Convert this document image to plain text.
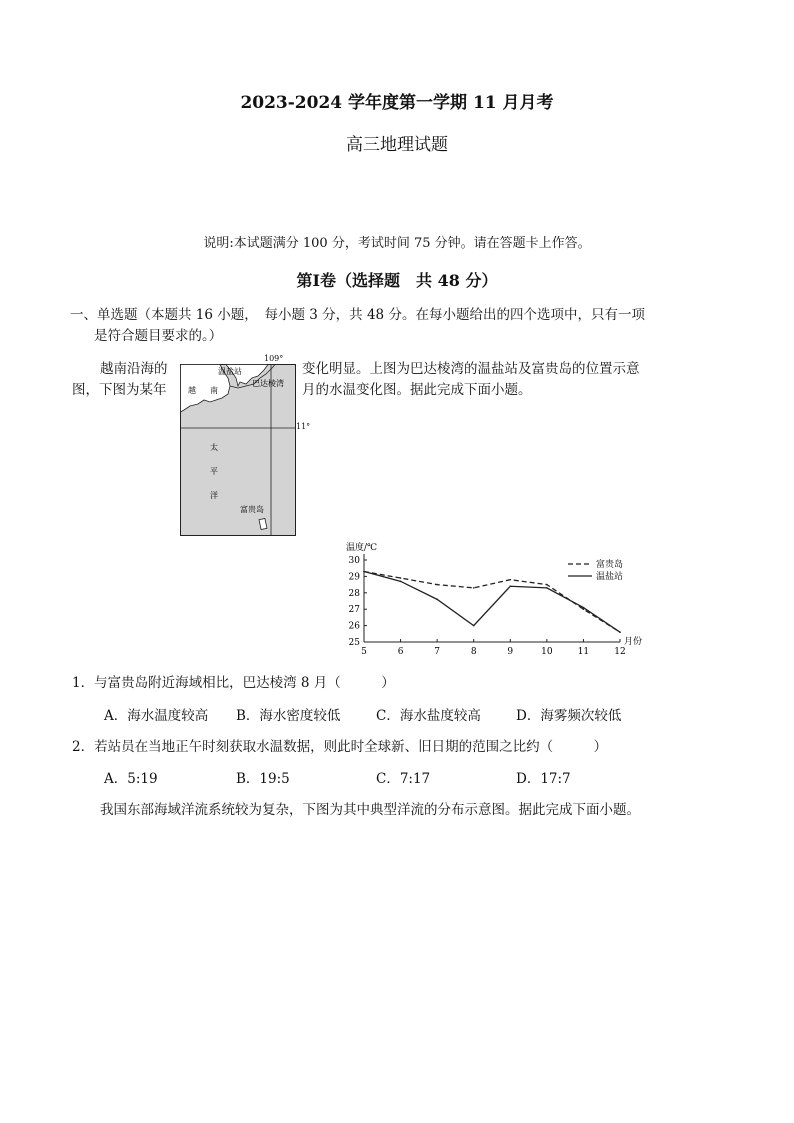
2023-2024 学年度第一学期 11 月月考
高三地理试题
说明:本试题满分 100 分，考试时间 75 分钟。请在答题卡上作答。
第Ⅰ卷（选择题　共 48 分）
一、单选题（本题共 16 小题，　每小题 3 分，共 48 分。在每小题给出的四个选项中，只有一项
是符合题目要求的。）
越南沿海的	变化明显。上图为巴达棱湾的温盐站及富贵岛的位置示意
图，下图为某年	月的水温变化图。据此完成下面小题。
温盐站
巴达棱湾
越 南
太
平
洋
富贵岛
109°
11°
25
26
27
28
29
30
5	6	7	8	9	10	11	12
温度/℃
月份
富贵岛
温盐站
1．与富贵岛附近海域相比，巴达棱湾 8 月（　　　）
A．海水温度较高 B．海水密度较低	C．海水盐度较高	D．海雾频次较低
2．若站员在当地正午时刻获取水温数据，则此时全球新、旧日期的范围之比约（　　　）
A．5:19	B．19:5	C．7:17	D．17:7
我国东部海域洋流系统较为复杂，下图为其中典型洋流的分布示意图。据此完成下面小题。
